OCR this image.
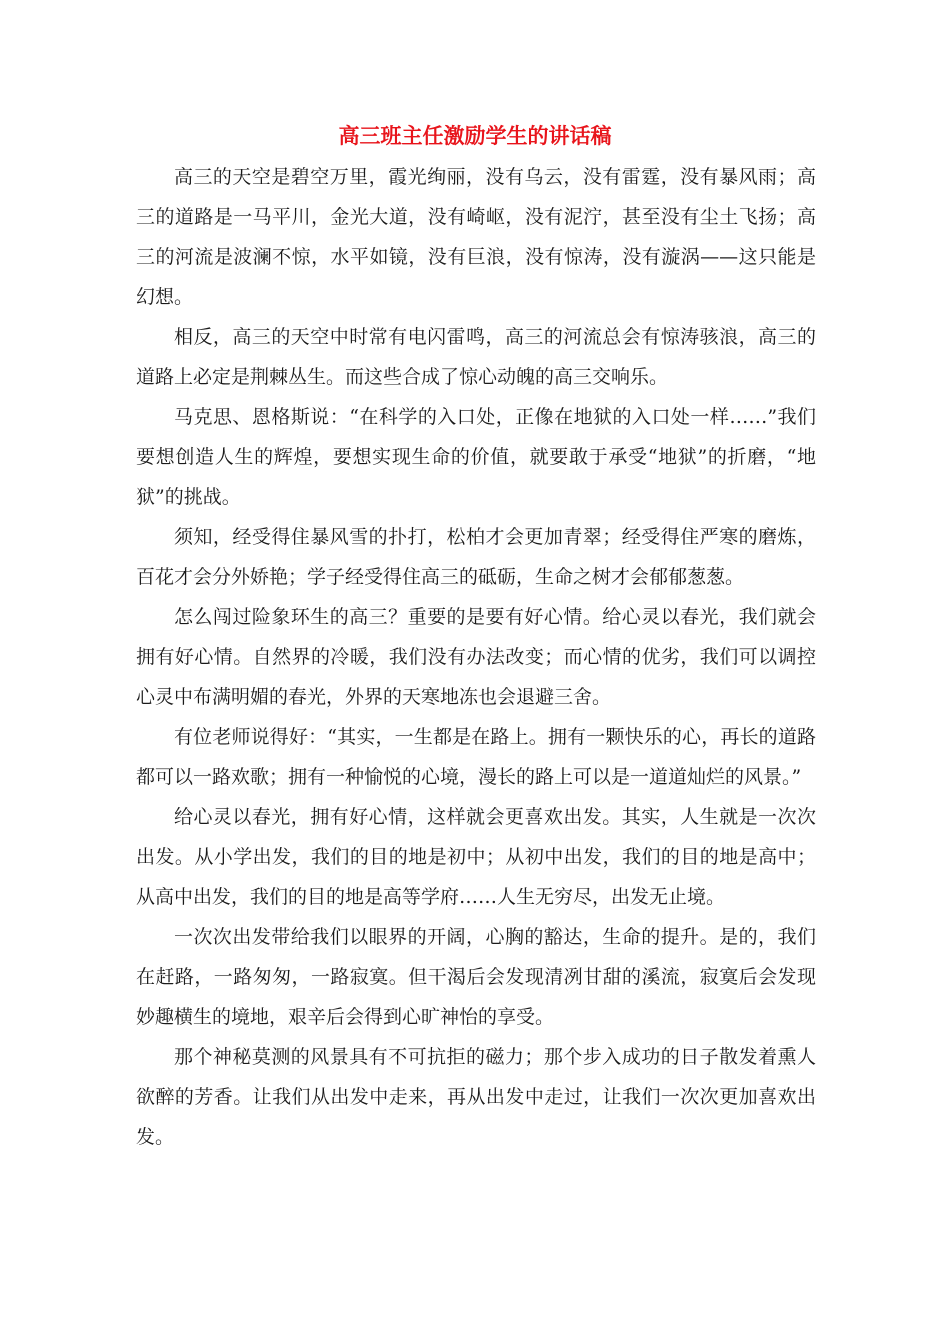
高三班主任激励学生的讲话稿

高三的天空是碧空万里，霞光绚丽，没有乌云，没有雷霆，没有暴风雨；高三的道路是一马平川，金光大道，没有崎岖，没有泥泞，甚至没有尘土飞扬；高三的河流是波澜不惊，水平如镜，没有巨浪，没有惊涛，没有漩涡——这只能是幻想。

相反，高三的天空中时常有电闪雷鸣，高三的河流总会有惊涛骇浪，高三的道路上必定是荆棘丛生。而这些合成了惊心动魄的高三交响乐。

马克思、恩格斯说：“在科学的入口处，正像在地狱的入口处一样……”我们要想创造人生的辉煌，要想实现生命的价值，就要敢于承受“地狱”的折磨，“地狱”的挑战。

须知，经受得住暴风雪的扑打，松柏才会更加青翠；经受得住严寒的磨炼，百花才会分外娇艳；学子经受得住高三的砥砺，生命之树才会郁郁葱葱。

怎么闯过险象环生的高三？重要的是要有好心情。给心灵以春光，我们就会拥有好心情。自然界的冷暖，我们没有办法改变；而心情的优劣，我们可以调控心灵中布满明媚的春光，外界的天寒地冻也会退避三舍。

有位老师说得好：“其实，一生都是在路上。拥有一颗快乐的心，再长的道路都可以一路欢歌；拥有一种愉悦的心境，漫长的路上可以是一道道灿烂的风景。”

给心灵以春光，拥有好心情，这样就会更喜欢出发。其实，人生就是一次次出发。从小学出发，我们的目的地是初中；从初中出发，我们的目的地是高中；从高中出发，我们的目的地是高等学府……人生无穷尽，出发无止境。

一次次出发带给我们以眼界的开阔，心胸的豁达，生命的提升。是的，我们在赶路，一路匆匆，一路寂寞。但干渴后会发现清冽甘甜的溪流，寂寞后会发现妙趣横生的境地，艰辛后会得到心旷神怡的享受。

那个神秘莫测的风景具有不可抗拒的磁力；那个步入成功的日子散发着熏人欲醉的芳香。让我们从出发中走来，再从出发中走过，让我们一次次更加喜欢出发。
